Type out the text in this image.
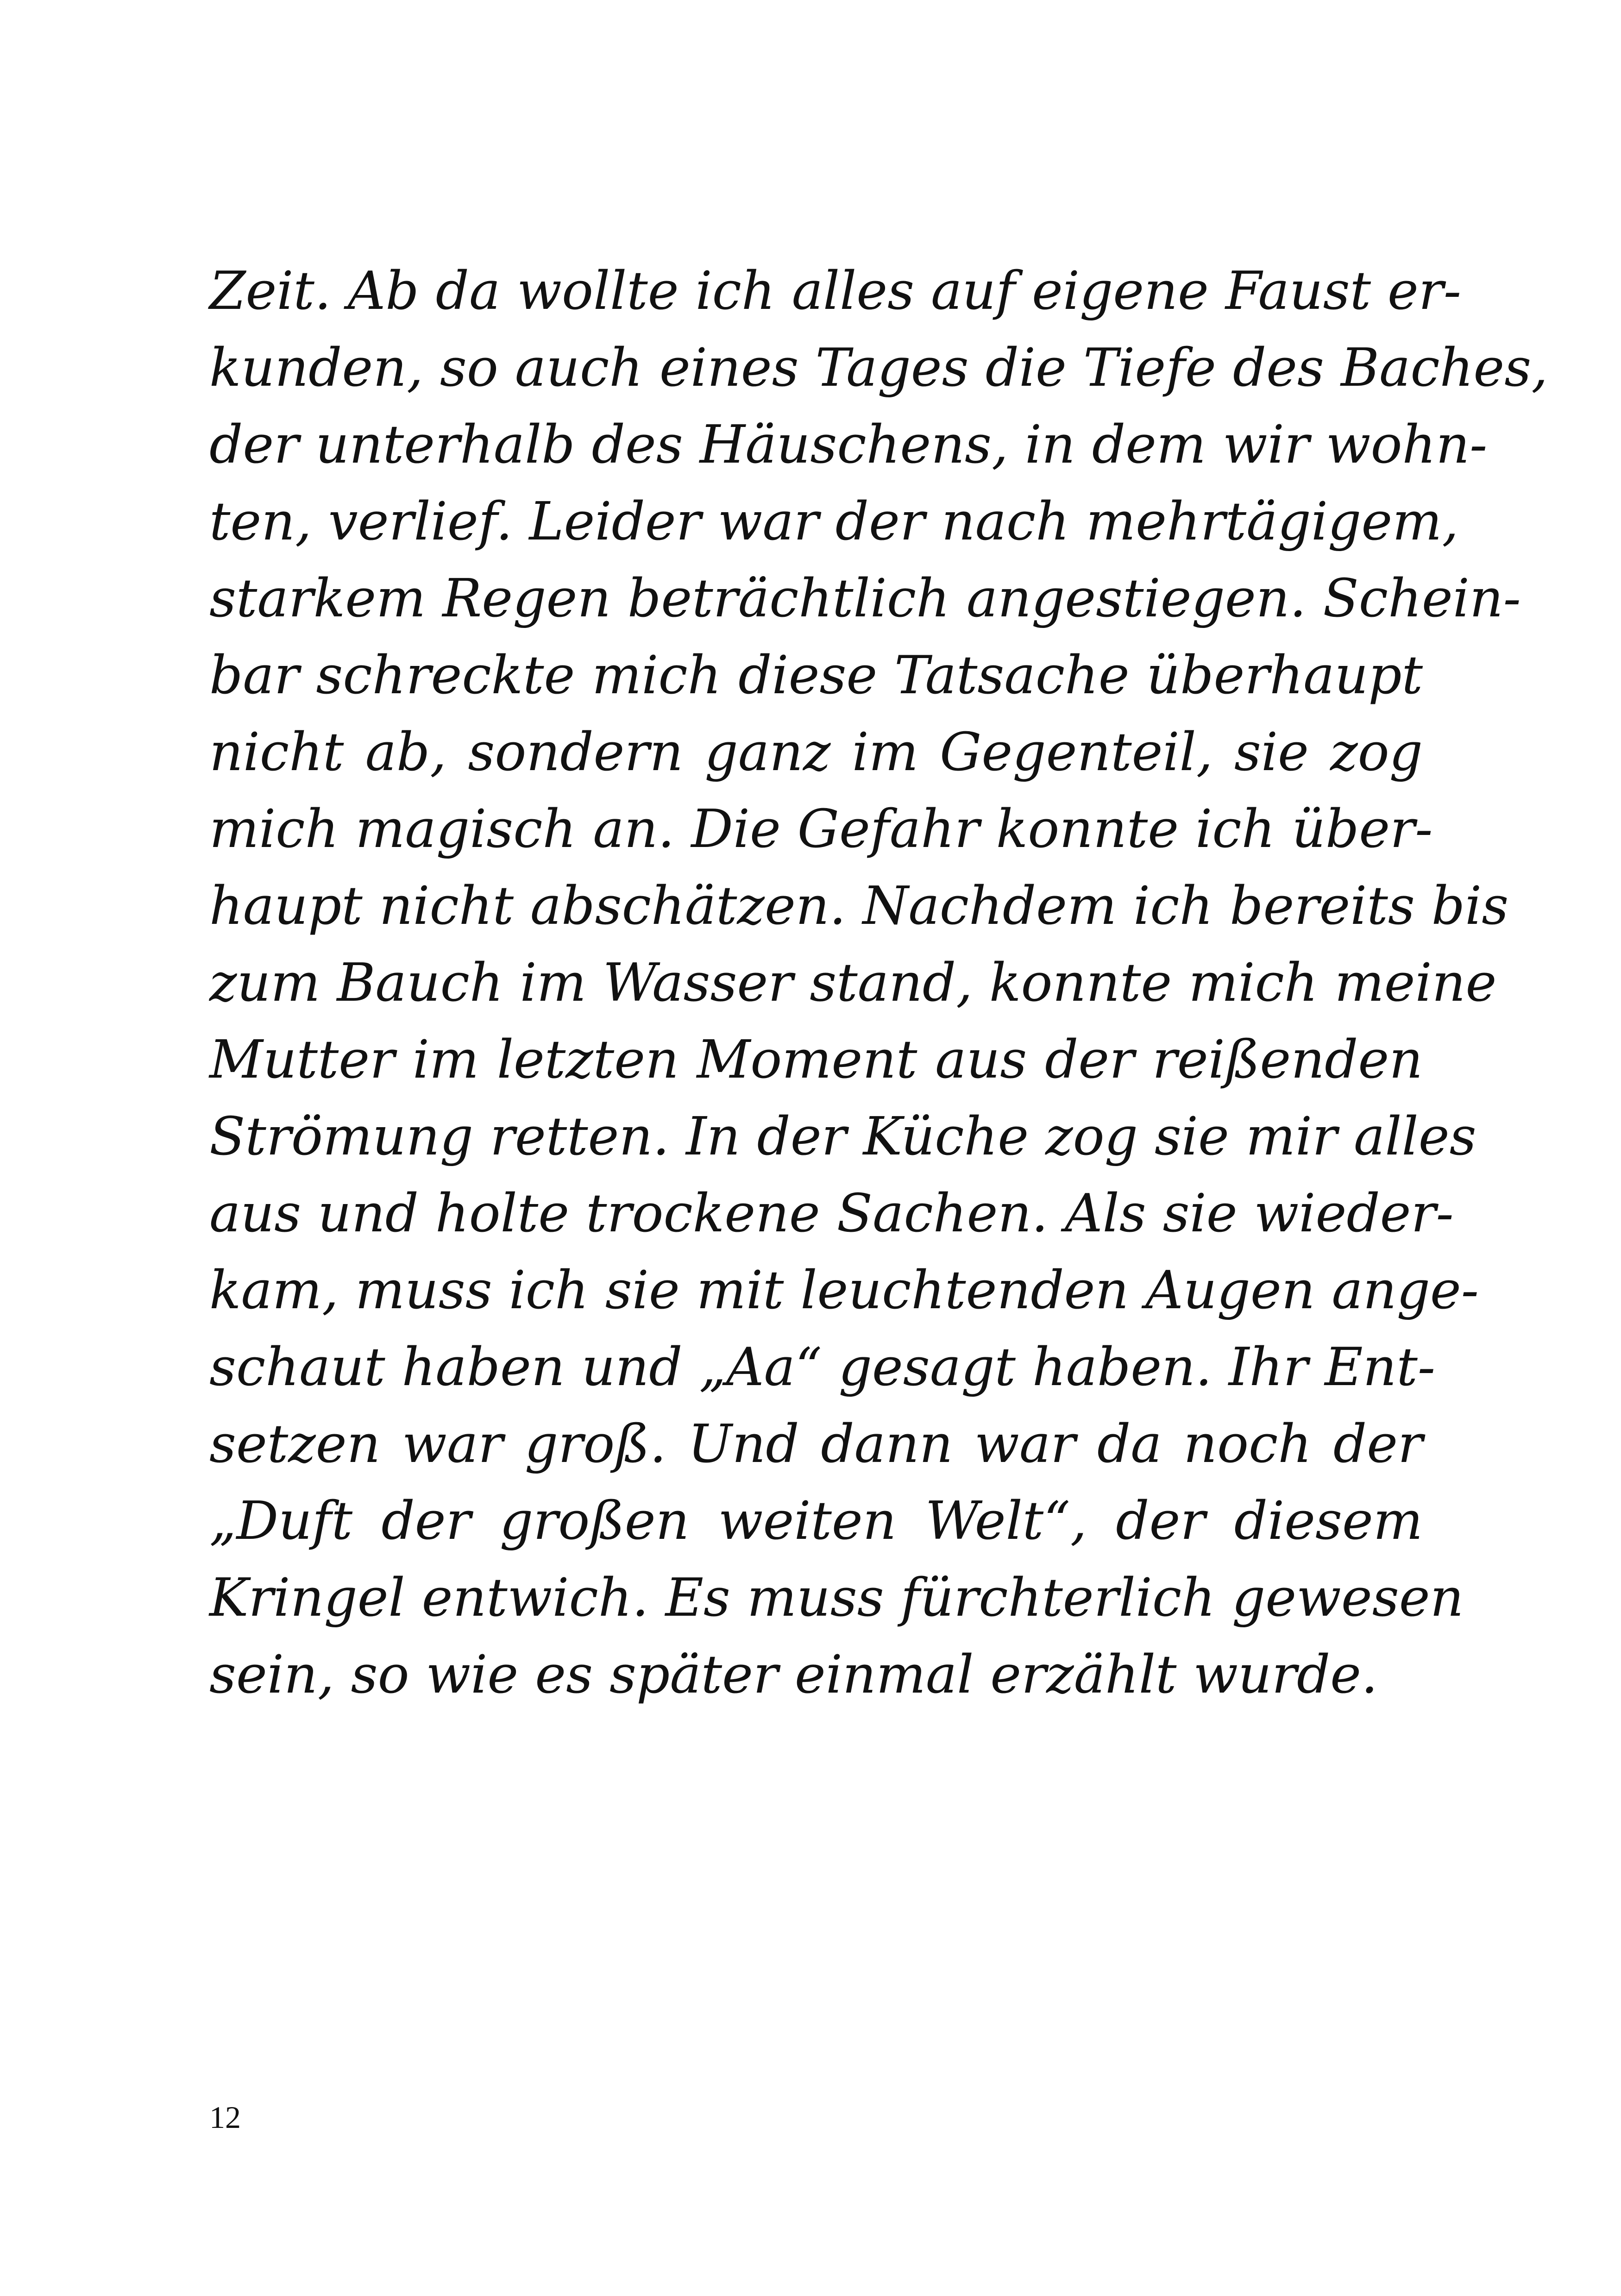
Zeit. Ab da wollte ich alles auf eigene Faust er-
kunden, so auch eines Tages die Tiefe des Baches,
der unterhalb des Häuschens, in dem wir wohn-
ten, verlief. Leider war der nach mehrtägigem,
starkem Regen beträchtlich angestiegen. Schein-
bar schreckte mich diese Tatsache überhaupt
nicht ab, sondern ganz im Gegenteil, sie zog
mich magisch an. Die Gefahr konnte ich über-
haupt nicht abschätzen. Nachdem ich bereits bis
zum Bauch im Wasser stand, konnte mich meine
Mutter im letzten Moment aus der reißenden
Strömung retten. In der Küche zog sie mir alles
aus und holte trockene Sachen. Als sie wieder-
kam, muss ich sie mit leuchtenden Augen ange-
schaut haben und „Aa“ gesagt haben. Ihr Ent-
setzen war groß. Und dann war da noch der
„Duft der großen weiten Welt“, der diesem
Kringel entwich. Es muss fürchterlich gewesen
sein, so wie es später einmal erzählt wurde.

12
